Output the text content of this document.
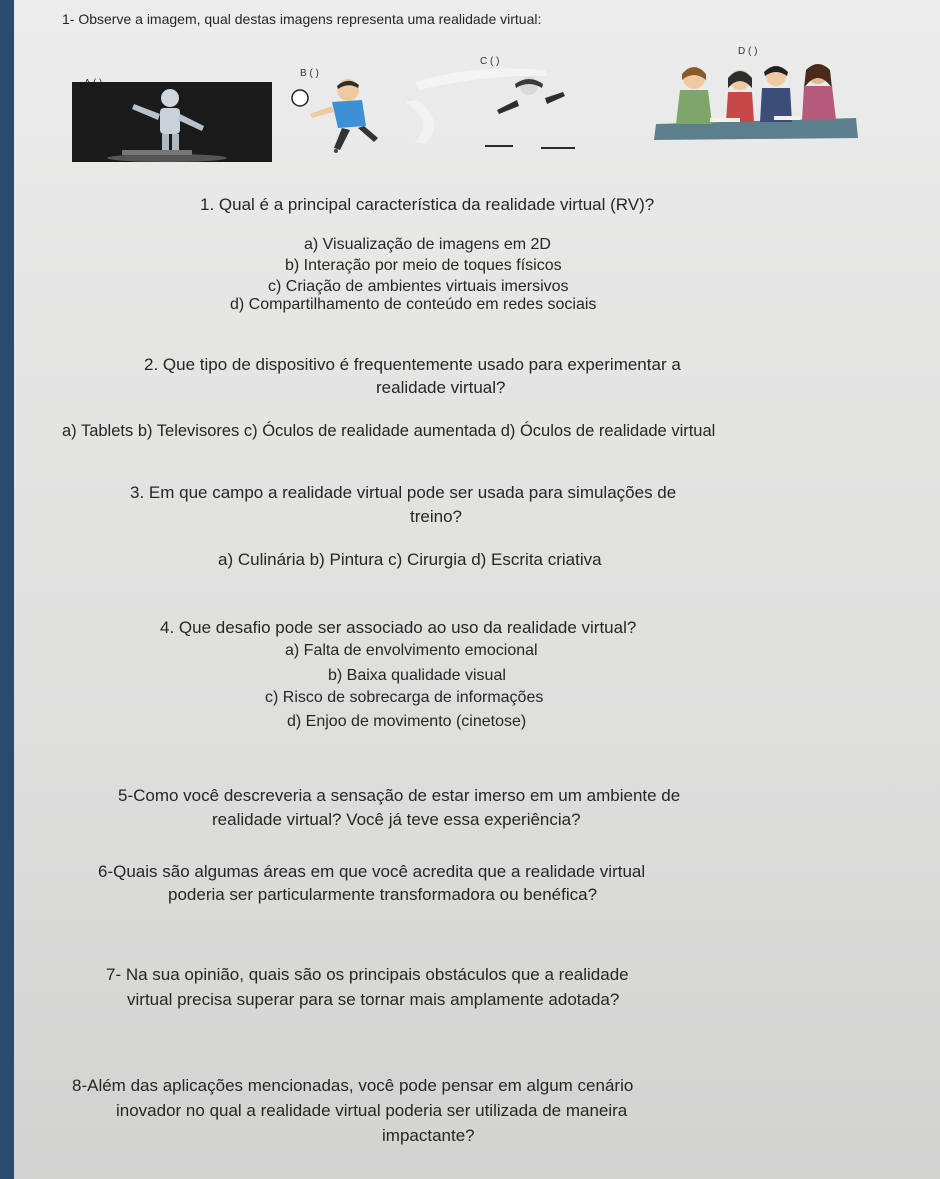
1- Observe a imagem, qual destas imagens representa uma realidade virtual:
B ( )
C ( )
D ( )
1. Qual é a principal característica da realidade virtual (RV)?
a) Visualização de imagens em 2D
b) Interação por meio de toques físicos
c) Criação de ambientes virtuais imersivos
d) Compartilhamento de conteúdo em redes sociais
2. Que tipo de dispositivo é frequentemente usado para experimentar a
realidade virtual?
a) Tablets b) Televisores c) Óculos de realidade aumentada d) Óculos de realidade virtual
3. Em que campo a realidade virtual pode ser usada para simulações de
treino?
a) Culinária b) Pintura c) Cirurgia d) Escrita criativa
4. Que desafio pode ser associado ao uso da realidade virtual?
a) Falta de envolvimento emocional
b) Baixa qualidade visual
c) Risco de sobrecarga de informações
d) Enjoo de movimento (cinetose)
5-Como você descreveria a sensação de estar imerso em um ambiente de
realidade virtual? Você já teve essa experiência?
6-Quais são algumas áreas em que você acredita que a realidade virtual
poderia ser particularmente transformadora ou benéfica?
7- Na sua opinião, quais são os principais obstáculos que a realidade
virtual precisa superar para se tornar mais amplamente adotada?
8-Além das aplicações mencionadas, você pode pensar em algum cenário
inovador no qual a realidade virtual poderia ser utilizada de maneira
impactante?
